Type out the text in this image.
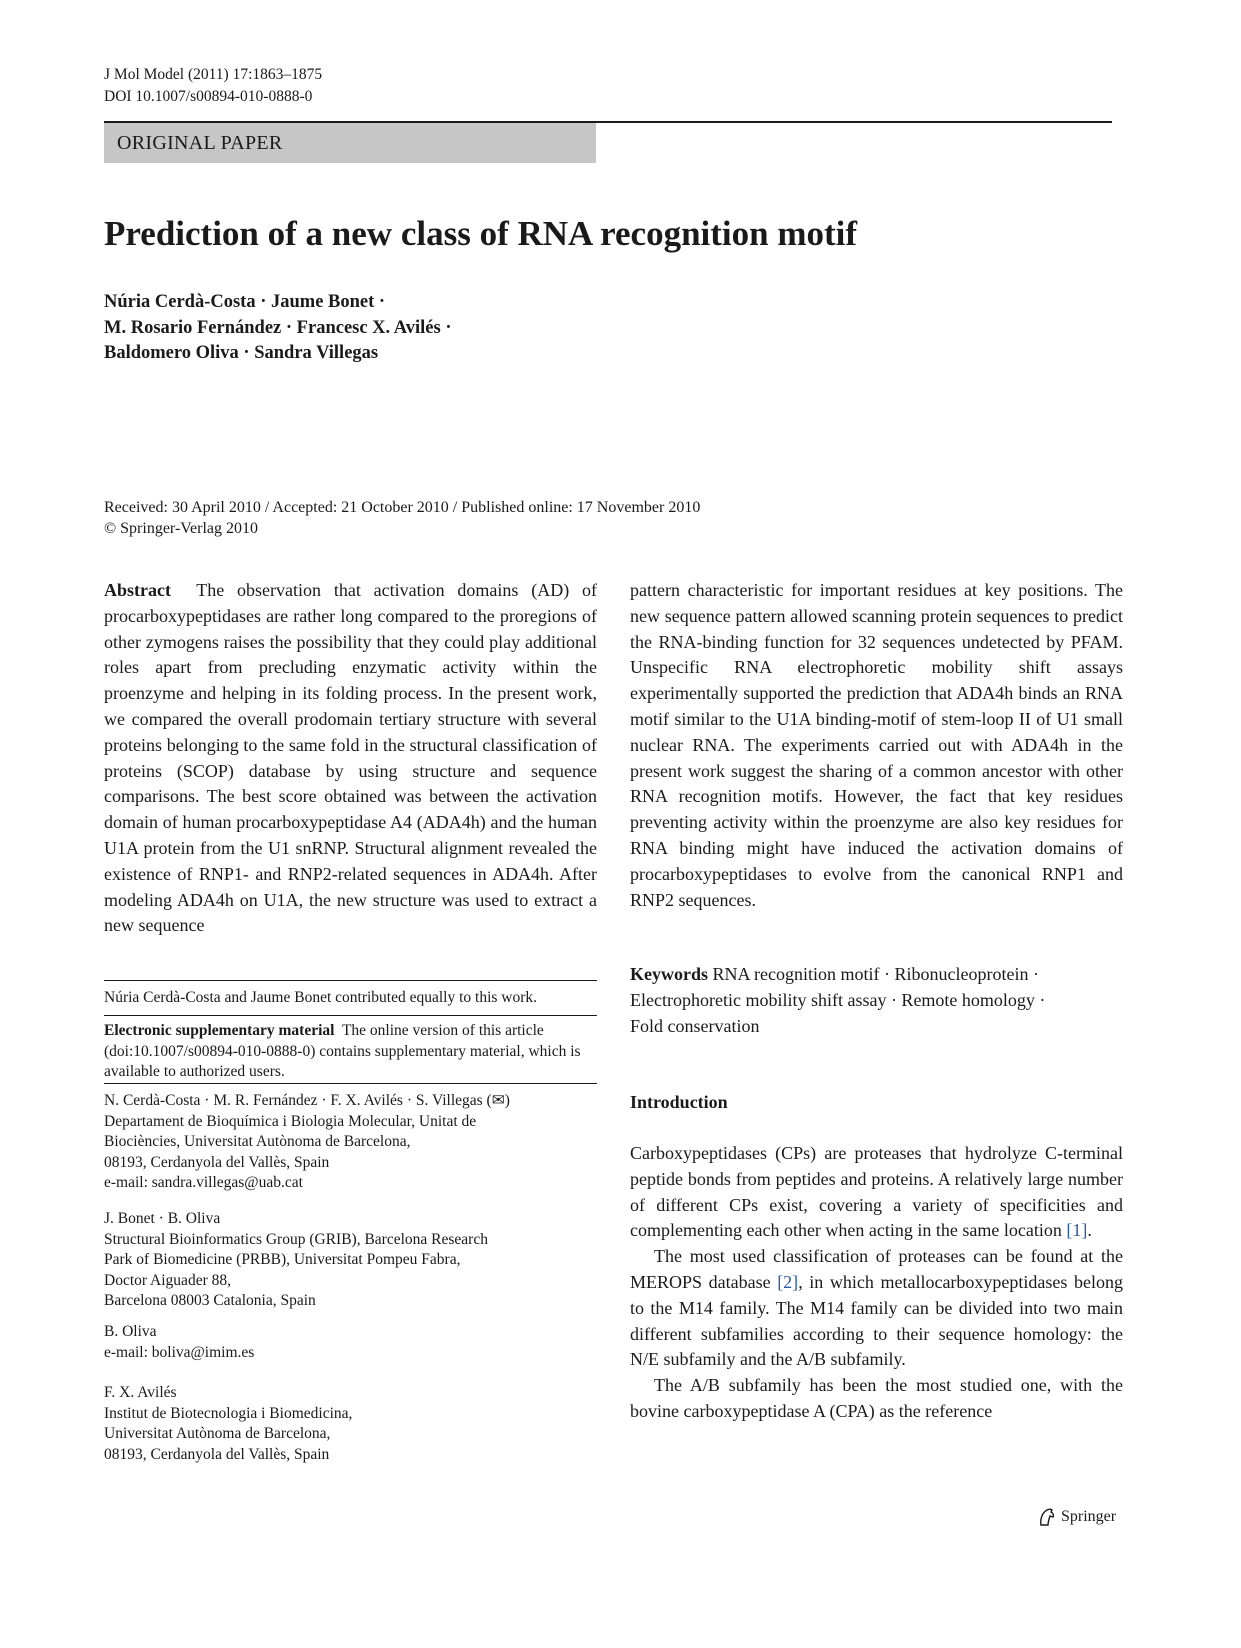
J Mol Model (2011) 17:1863–1875
DOI 10.1007/s00894-010-0888-0
ORIGINAL PAPER
Prediction of a new class of RNA recognition motif
Núria Cerdà-Costa · Jaume Bonet ·
M. Rosario Fernández · Francesc X. Avilés ·
Baldomero Oliva · Sandra Villegas
Received: 30 April 2010 / Accepted: 21 October 2010 / Published online: 17 November 2010
© Springer-Verlag 2010

Abstract The observation that activation domains (AD) of procarboxypeptidases are rather long compared to the proregions of other zymogens raises the possibility that they could play additional roles apart from precluding enzymatic activity within the proenzyme and helping in its folding process. In the present work, we compared the overall prodomain tertiary structure with several proteins belonging to the same fold in the structural classification of proteins (SCOP) database by using structure and sequence comparisons. The best score obtained was between the activation domain of human procarboxypeptidase A4 (ADA4h) and the human U1A protein from the U1 snRNP. Structural alignment revealed the existence of RNP1- and RNP2-related sequences in ADA4h. After modeling ADA4h on U1A, the new structure was used to extract a new sequence

pattern characteristic for important residues at key positions. The new sequence pattern allowed scanning protein sequences to predict the RNA-binding function for 32 sequences undetected by PFAM. Unspecific RNA electrophoretic mobility shift assays experimentally supported the prediction that ADA4h binds an RNA motif similar to the U1A binding-motif of stem-loop II of U1 small nuclear RNA. The experiments carried out with ADA4h in the present work suggest the sharing of a common ancestor with other RNA recognition motifs. However, the fact that key residues preventing activity within the proenzyme are also key residues for RNA binding might have induced the activation domains of procarboxypeptidases to evolve from the canonical RNP1 and RNP2 sequences.

Keywords RNA recognition motif · Ribonucleoprotein ·
Electrophoretic mobility shift assay · Remote homology ·
Fold conservation
Núria Cerdà-Costa and Jaume Bonet contributed equally to this work.
Electronic supplementary material The online version of this article (doi:10.1007/s00894-010-0888-0) contains supplementary material, which is available to authorized users.
N. Cerdà-Costa · M. R. Fernández · F. X. Avilés · S. Villegas (✉)
Departament de Bioquímica i Biologia Molecular, Unitat de
Biociències, Universitat Autònoma de Barcelona,
08193, Cerdanyola del Vallès, Spain
e-mail: sandra.villegas@uab.cat
J. Bonet · B. Oliva
Structural Bioinformatics Group (GRIB), Barcelona Research
Park of Biomedicine (PRBB), Universitat Pompeu Fabra,
Doctor Aiguader 88,
Barcelona 08003 Catalonia, Spain
B. Oliva
e-mail: boliva@imim.es
F. X. Avilés
Institut de Biotecnologia i Biomedicina,
Universitat Autònoma de Barcelona,
08193, Cerdanyola del Vallès, Spain
Introduction

Carboxypeptidases (CPs) are proteases that hydrolyze C-terminal peptide bonds from peptides and proteins. A relatively large number of different CPs exist, covering a variety of specificities and complementing each other when acting in the same location [1].

The most used classification of proteases can be found at the MEROPS database [2], in which metallocarboxypeptidases belong to the M14 family. The M14 family can be divided into two main different subfamilies according to their sequence homology: the N/E subfamily and the A/B subfamily.

The A/B subfamily has been the most studied one, with the bovine carboxypeptidase A (CPA) as the reference

Springer
